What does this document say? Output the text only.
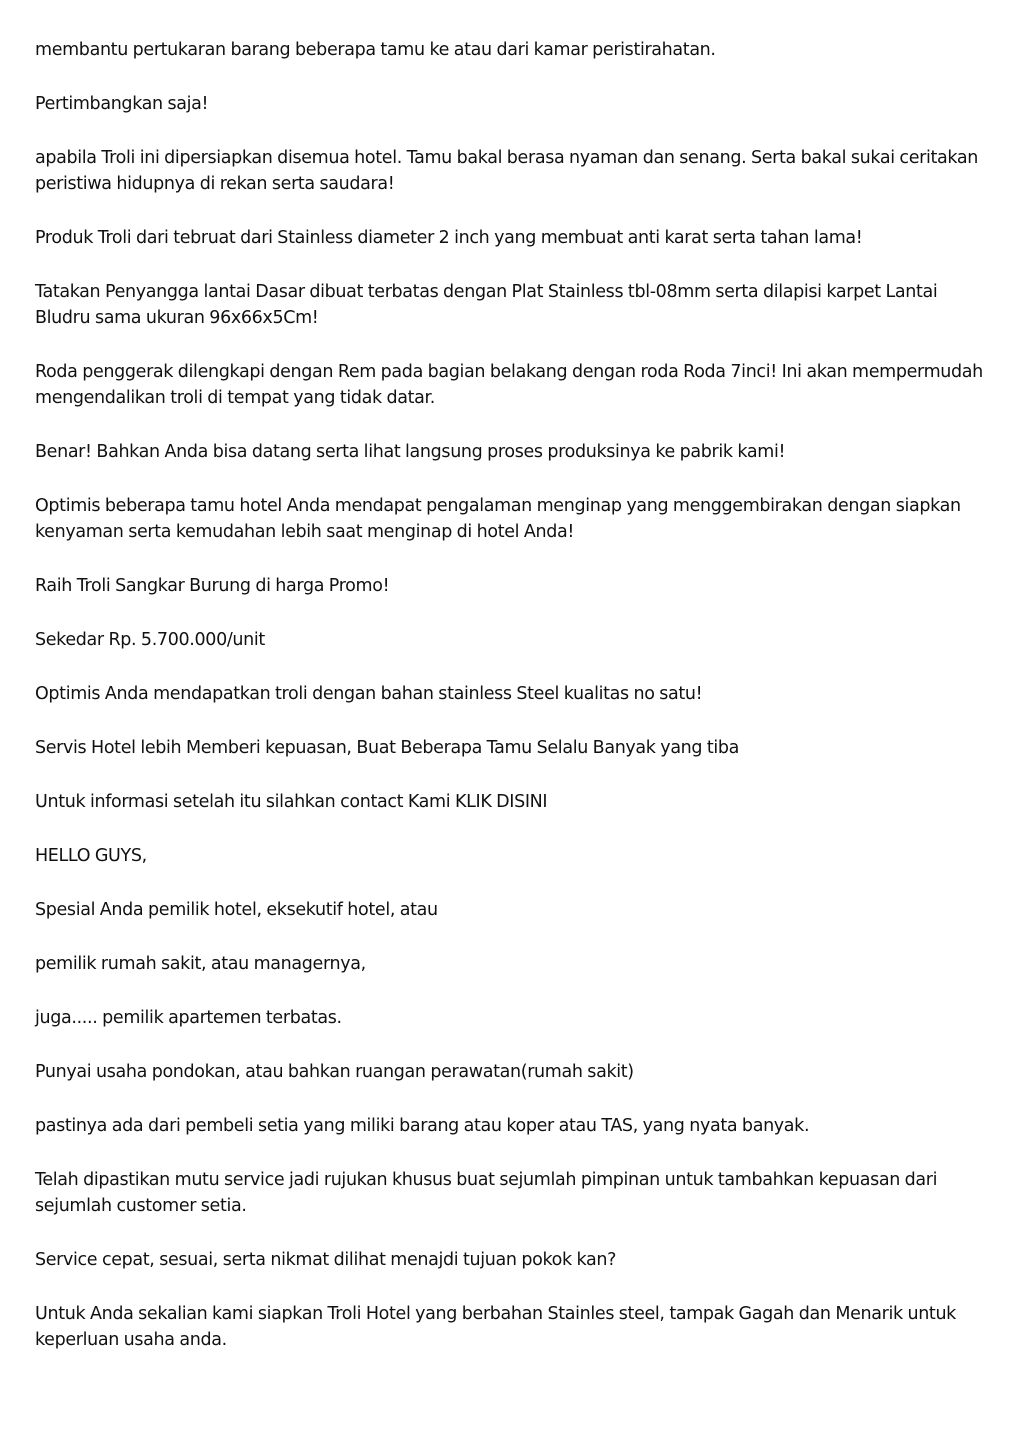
membantu pertukaran barang beberapa tamu ke atau dari kamar peristirahatan.

Pertimbangkan saja!

apabila Troli ini dipersiapkan disemua hotel. Tamu bakal berasa nyaman dan senang. Serta bakal sukai ceritakan peristiwa hidupnya di rekan serta saudara!

Produk Troli dari tebruat dari Stainless diameter 2 inch yang membuat anti karat serta tahan lama!

Tatakan Penyangga lantai Dasar dibuat terbatas dengan Plat Stainless tbl-08mm serta dilapisi karpet Lantai Bludru sama ukuran 96x66x5Cm!

Roda penggerak dilengkapi dengan Rem pada bagian belakang dengan roda Roda 7inci! Ini akan mempermudah mengendalikan troli di tempat yang tidak datar.

Benar! Bahkan Anda bisa datang serta lihat langsung proses produksinya ke pabrik kami!

Optimis beberapa tamu hotel Anda mendapat pengalaman menginap yang menggembirakan dengan siapkan kenyaman serta kemudahan lebih saat menginap di hotel Anda!

Raih Troli Sangkar Burung di harga Promo!

Sekedar Rp. 5.700.000/unit

Optimis Anda mendapatkan troli dengan bahan stainless Steel kualitas no satu!

Servis Hotel lebih Memberi kepuasan, Buat Beberapa Tamu Selalu Banyak yang tiba

Untuk informasi setelah itu silahkan contact Kami KLIK DISINI

HELLO GUYS,

Spesial Anda pemilik hotel, eksekutif hotel, atau

pemilik rumah sakit, atau managernya,

juga..... pemilik apartemen terbatas.

Punyai usaha pondokan, atau bahkan ruangan perawatan(rumah sakit)

pastinya ada dari pembeli setia yang miliki barang atau koper atau TAS, yang nyata banyak.

Telah dipastikan mutu service jadi rujukan khusus buat sejumlah pimpinan untuk tambahkan kepuasan dari sejumlah customer setia.

Service cepat, sesuai, serta nikmat dilihat menajdi tujuan pokok kan?

Untuk Anda sekalian kami siapkan Troli Hotel yang berbahan Stainles steel, tampak Gagah dan Menarik untuk keperluan usaha anda.
